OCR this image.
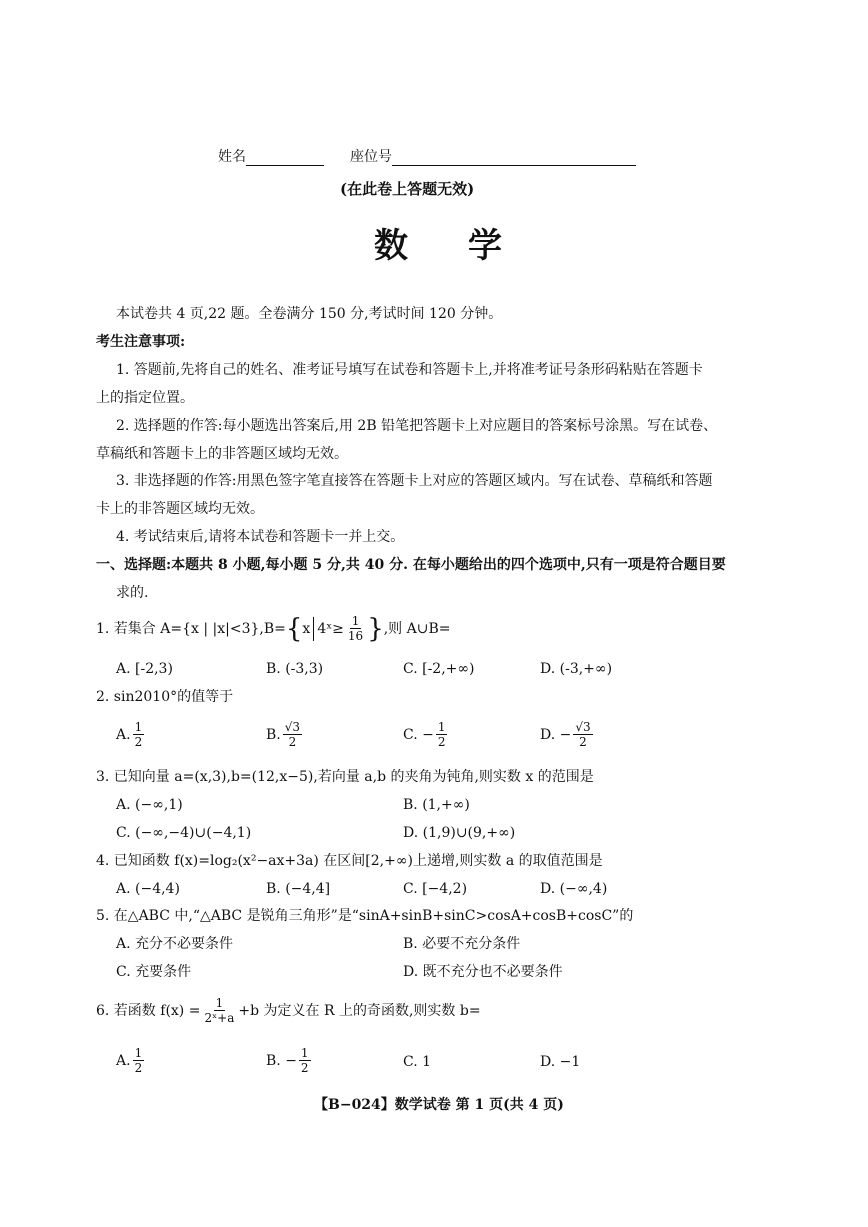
姓名	座位号
(在此卷上答题无效)
数学
本试卷共 4 页,22 题。全卷满分 150 分,考试时间 120 分钟。
考生注意事项:
1. 答题前,先将自己的姓名、准考证号填写在试卷和答题卡上,并将准考证号条形码粘贴在答题卡
上的指定位置。
2. 选择题的作答:每小题选出答案后,用 2B 铅笔把答题卡上对应题目的答案标号涂黑。写在试卷、
草稿纸和答题卡上的非答题区域均无效。
3. 非选择题的作答:用黑色签字笔直接答在答题卡上对应的答题区域内。写在试卷、草稿纸和答题
卡上的非答题区域均无效。
4. 考试结束后,请将本试卷和答题卡一并上交。
一、选择题:本题共 8 小题,每小题 5 分,共 40 分. 在每小题给出的四个选项中,只有一项是符合题目要
求的.
1. 若集合 A={x | |x|<3},B= { x 4ˣ≥ $\frac{1}{16}$ } ,则 A∪B=
A. [-2,3)	B. (-3,3)	C. [-2,+∞)	D. (-3,+∞)
2. sin2010°的值等于
A. $\frac{1}{2}$	B. $\frac{√3}{2}$	C. − $\frac{1}{2}$	D. − $\frac{√3}{2}$
3. 已知向量 a=(x,3),b=(12,x−5),若向量 a,b 的夹角为钝角,则实数 x 的范围是
A. (−∞,1)	B. (1,+∞)
C. (−∞,−4)∪(−4,1)	D. (1,9)∪(9,+∞)
4. 已知函数 f(x)=log₂(x²−ax+3a) 在区间[2,+∞)上递增,则实数 a 的取值范围是
A. (−4,4)	B. (−4,4]	C. [−4,2)	D. (−∞,4)
5. 在△ABC 中,“△ABC 是锐角三角形”是“sinA+sinB+sinC>cosA+cosB+cosC”的
A. 充分不必要条件	B. 必要不充分条件
C. 充要条件	D. 既不充分也不必要条件
6. 若函数 $f(x) = \frac{1}{\text{2ˣ+a}} +b$ 为定义在 R 上的奇函数,则实数 b=
A. $\frac{1}{2}$	B. − $\frac{1}{2}$	C. 1	D. −1
【B−024】数学试卷 第 1 页(共 4 页)
